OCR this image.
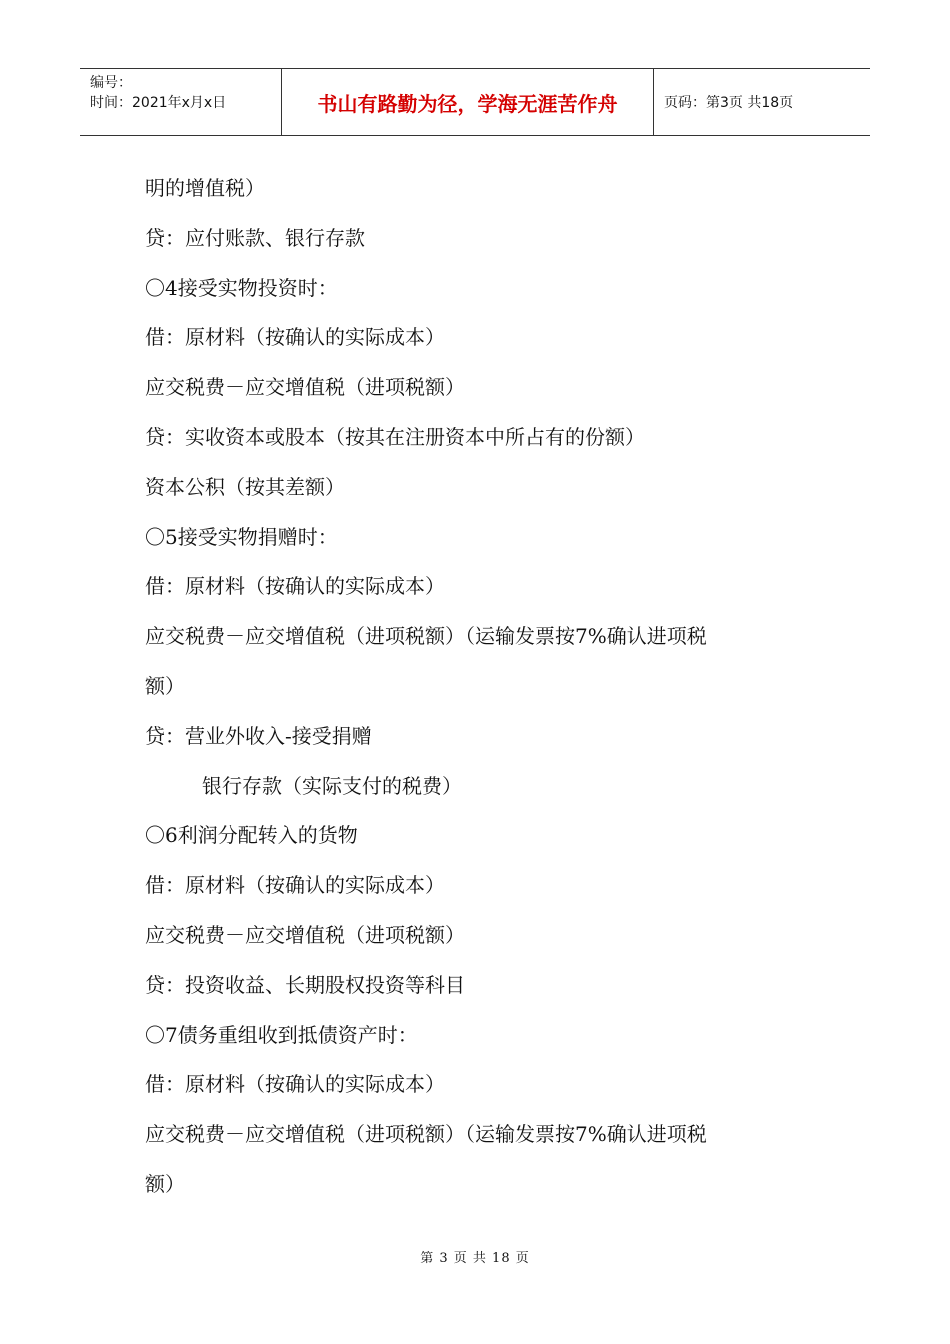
编号：
时间：2021年x月x日	书山有路勤为径，学海无涯苦作舟	页码：第3页 共18页
明的增值税）
贷：应付账款、银行存款
〇4接受实物投资时：
借：原材料（按确认的实际成本）
应交税费－应交增值税（进项税额）
贷：实收资本或股本（按其在注册资本中所占有的份额）
资本公积（按其差额）
〇5接受实物捐赠时：
借：原材料（按确认的实际成本）
应交税费－应交增值税（进项税额）（运输发票按7%确认进项税
额）
贷：营业外收入-接受捐赠
银行存款（实际支付的税费）
〇6利润分配转入的货物
借：原材料（按确认的实际成本）
应交税费－应交增值税（进项税额）
贷：投资收益、长期股权投资等科目
〇7债务重组收到抵债资产时：
借：原材料（按确认的实际成本）
应交税费－应交增值税（进项税额）（运输发票按7%确认进项税
额）
第 3 页 共 18 页
